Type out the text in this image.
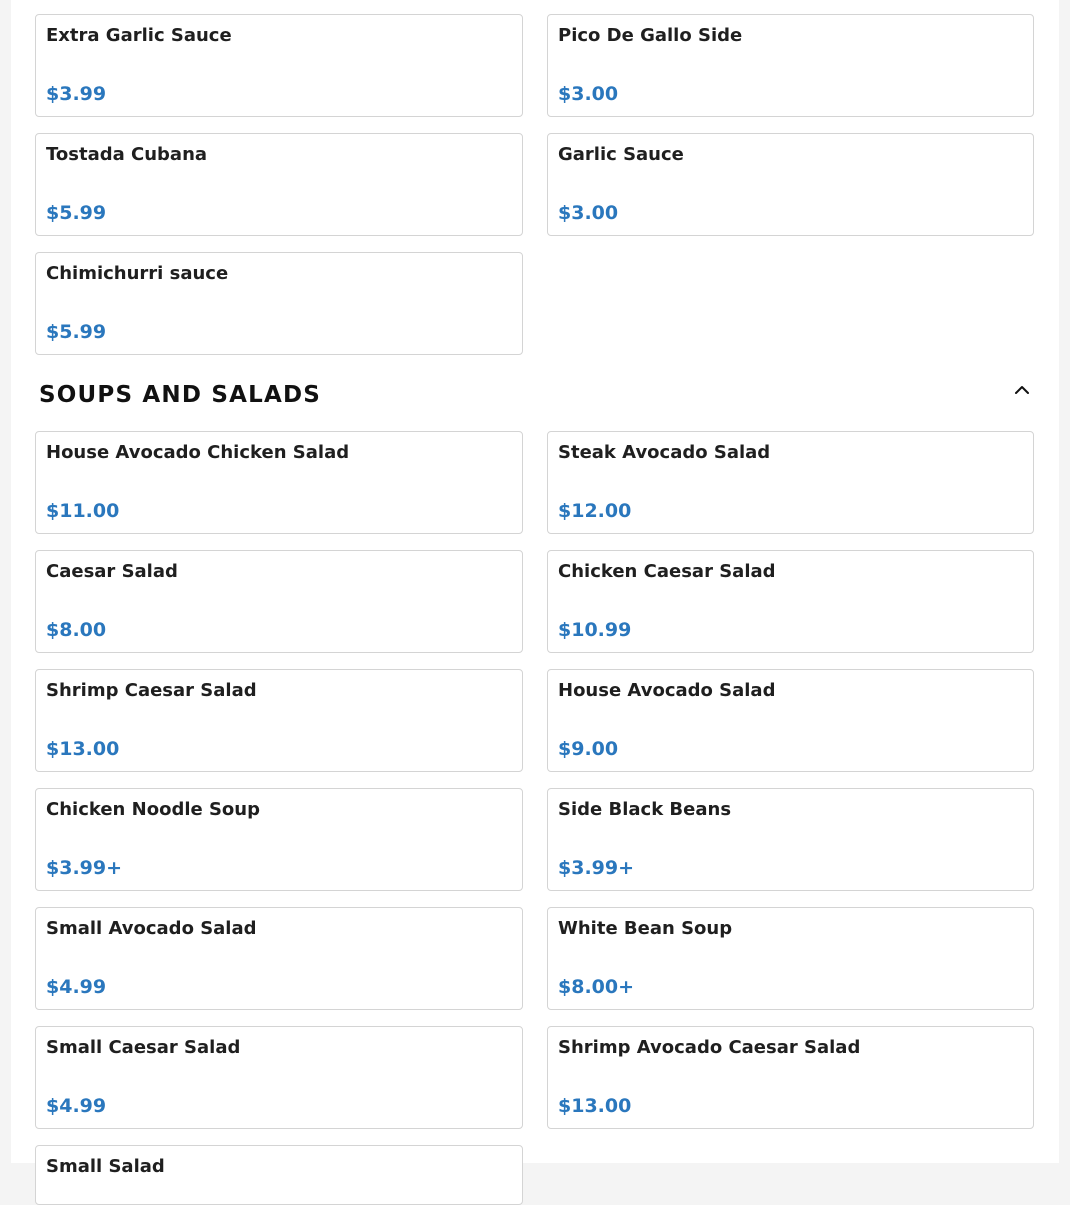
Extra Garlic Sauce
$3.99
Pico De Gallo Side
$3.00
Tostada Cubana
$5.99
Garlic Sauce
$3.00
Chimichurri sauce
$5.99
SOUPS AND SALADS
House Avocado Chicken Salad
$11.00
Steak Avocado Salad
$12.00
Caesar Salad
$8.00
Chicken Caesar Salad
$10.99
Shrimp Caesar Salad
$13.00
House Avocado Salad
$9.00
Chicken Noodle Soup
$3.99+
Side Black Beans
$3.99+
Small Avocado Salad
$4.99
White Bean Soup
$8.00+
Small Caesar Salad
$4.99
Shrimp Avocado Caesar Salad
$13.00
Small Salad
